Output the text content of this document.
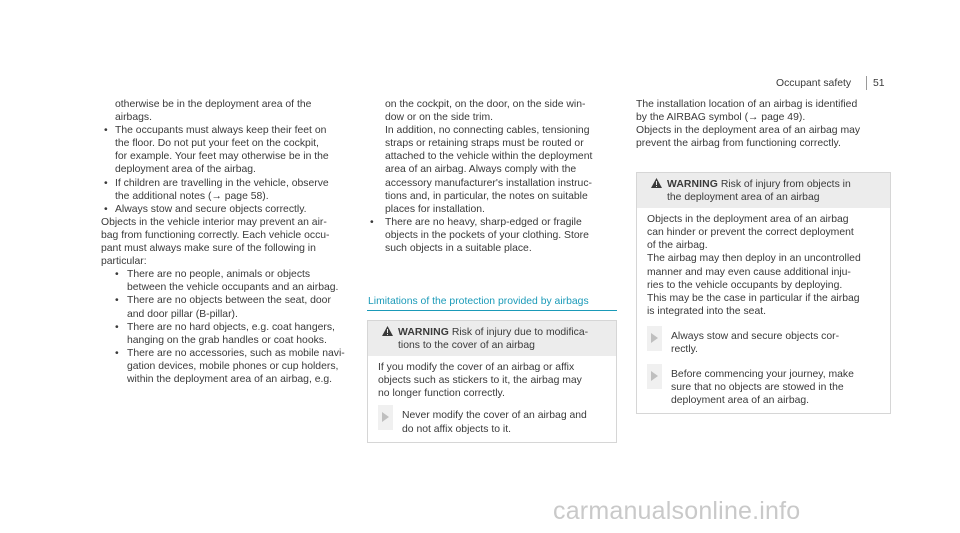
Occupant safety 51

otherwise be in the deployment area of the

airbags.

• The occupants must always keep their feet on

the floor. Do not put your feet on the cockpit,

for example. Your feet may otherwise be in the

deployment area of the airbag.

• If children are travelling in the vehicle, observe

the additional notes (→ page 58).

• Always stow and secure objects correctly.

Objects in the vehicle interior may prevent an air-

bag from functioning correctly. Each vehicle occu-

pant must always make sure of the following in

particular:

• There are no people, animals or objects

between the vehicle occupants and an airbag.

• There are no objects between the seat, door

and door pillar (B-pillar).

• There are no hard objects, e.g. coat hangers,

hanging on the grab handles or coat hooks.

• There are no accessories, such as mobile navi-

gation devices, mobile phones or cup holders,

within the deployment area of an airbag, e.g.

on the cockpit, on the door, on the side win-

dow or on the side trim.

In addition, no connecting cables, tensioning

straps or retaining straps must be routed or

attached to the vehicle within the deployment

area of an airbag. Always comply with the

accessory manufacturer's installation instruc-

tions and, in particular, the notes on suitable

places for installation.

• There are no heavy, sharp-edged or fragile

objects in the pockets of your clothing. Store

such objects in a suitable place.

Limitations of the protection provided by airbags

WARNING Risk of injury due to modifica-

tions to the cover of an airbag

If you modify the cover of an airbag or affix

objects such as stickers to it, the airbag may

no longer function correctly.

Never modify the cover of an airbag and

do not affix objects to it.

The installation location of an airbag is identified

by the AIRBAG symbol (→ page 49).

Objects in the deployment area of an airbag may

prevent the airbag from functioning correctly.

WARNING Risk of injury from objects in

the deployment area of an airbag

Objects in the deployment area of an airbag

can hinder or prevent the correct deployment

of the airbag.

The airbag may then deploy in an uncontrolled

manner and may even cause additional inju-

ries to the vehicle occupants by deploying.

This may be the case in particular if the airbag

is integrated into the seat.

Always stow and secure objects cor-

rectly.

Before commencing your journey, make

sure that no objects are stowed in the

deployment area of an airbag.

carmanualsonline.info
